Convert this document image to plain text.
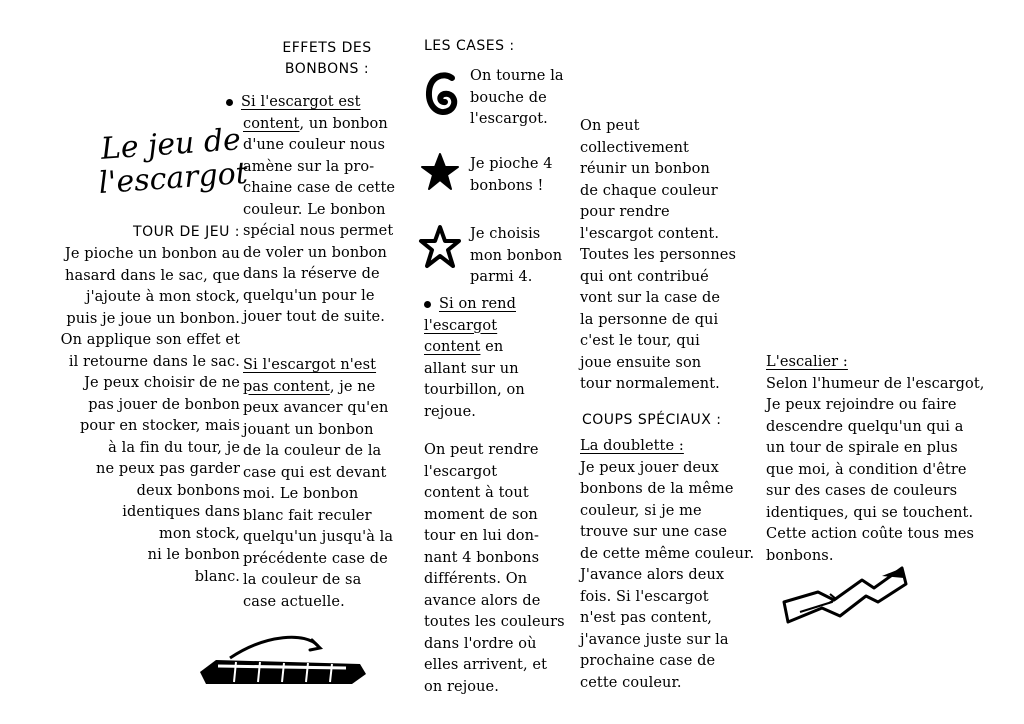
Le jeu de
l'escargot
TOUR DE JEU :

Je pioche un bonbon au

hasard dans le sac, que

j'ajoute à mon stock,

puis je joue un bonbon.

On applique son effet et

il retourne dans le sac.

Je peux choisir de ne

pas jouer de bonbon

pour en stocker, mais

à la fin du tour, je

ne peux pas garder

deux bonbons

identiques dans

mon stock,

ni le bonbon

blanc.

EFFETS DES
BONBONS :

Si l'escargot est

content, un bonbon

d'une couleur nous

amène sur la pro-

chaine case de cette

couleur. Le bonbon

spécial nous permet

de voler un bonbon

dans la réserve de

quelqu'un pour le

jouer tout de suite.

Si l'escargot n'est

pas content, je ne

peux avancer qu'en

jouant un bonbon

de la couleur de la

case qui est devant

moi. Le bonbon

blanc fait reculer

quelqu'un jusqu'à la

précédente case de

la couleur de sa

case actuelle.

LES CASES :

On tourne la

bouche de

l'escargot.

Je pioche 4

bonbons !

Je choisis

mon bonbon

parmi 4.

Si on rend

l'escargot

content en

allant sur un

tourbillon, on

rejoue.

On peut rendre

l'escargot

content à tout

moment de son

tour en lui don-

nant 4 bonbons

différents. On

avance alors de

toutes les couleurs

dans l'ordre où

elles arrivent, et

on rejoue.

On peut

collectivement

réunir un bonbon

de chaque couleur

pour rendre

l'escargot content.

Toutes les personnes

qui ont contribué

vont sur la case de

la personne de qui

c'est le tour, qui

joue ensuite son

tour normalement.

COUPS SPÉCIAUX :

La doublette :

Je peux jouer deux

bonbons de la même

couleur, si je me

trouve sur une case

de cette même couleur.

J'avance alors deux

fois. Si l'escargot

n'est pas content,

j'avance juste sur la

prochaine case de

cette couleur.

L'escalier :

Selon l'humeur de l'escargot,

Je peux rejoindre ou faire

descendre quelqu'un qui a

un tour de spirale en plus

que moi, à condition d'être

sur des cases de couleurs

identiques, qui se touchent.

Cette action coûte tous mes

bonbons.
